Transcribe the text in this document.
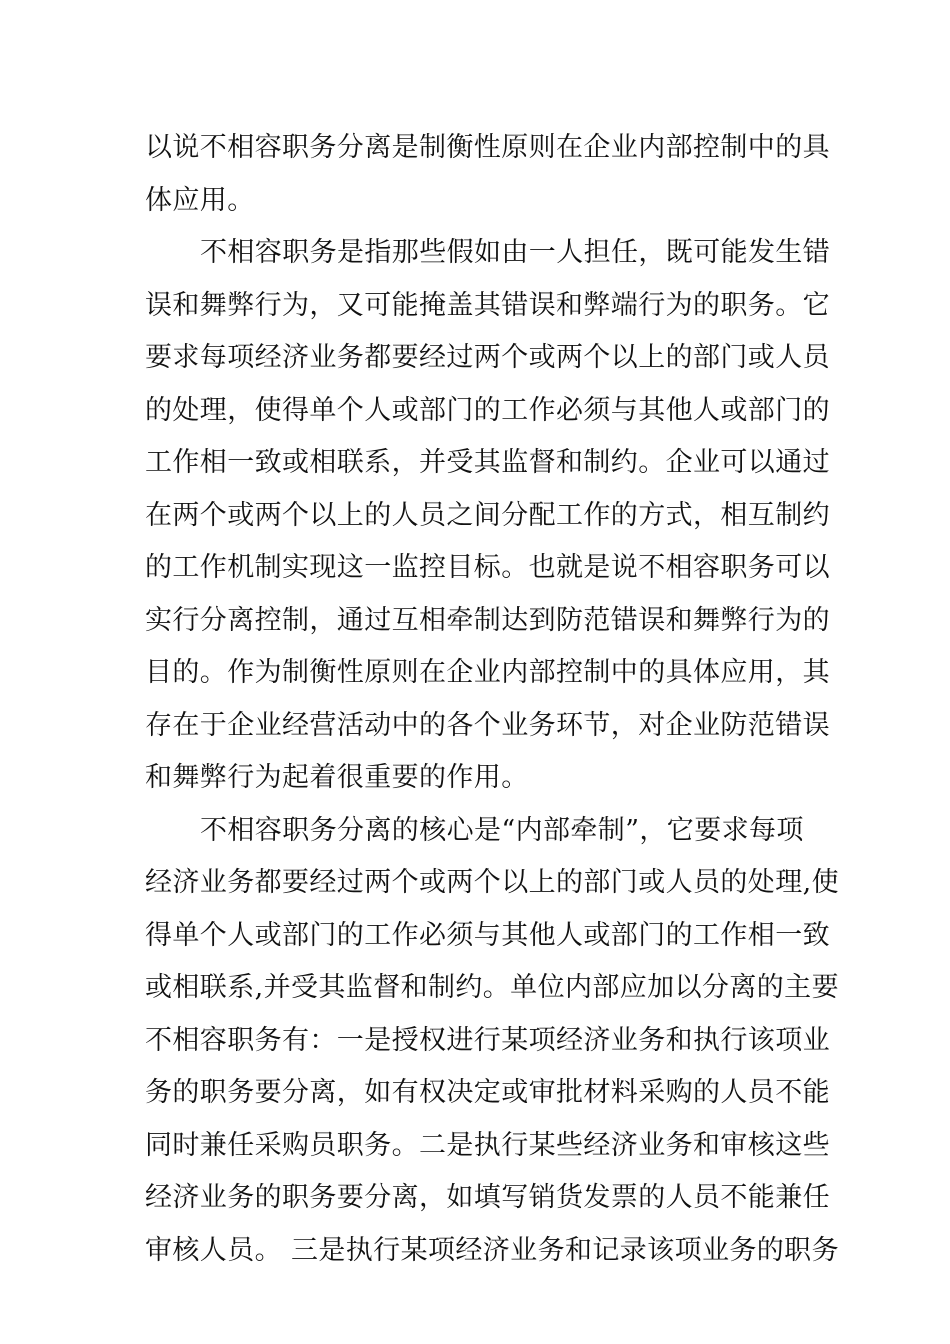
以说不相容职务分离是制衡性原则在企业内部控制中的具
体应用。
不相容职务是指那些假如由一人担任，既可能发生错
误和舞弊行为，又可能掩盖其错误和弊端行为的职务。它
要求每项经济业务都要经过两个或两个以上的部门或人员
的处理，使得单个人或部门的工作必须与其他人或部门的
工作相一致或相联系，并受其监督和制约。企业可以通过
在两个或两个以上的人员之间分配工作的方式，相互制约
的工作机制实现这一监控目标。也就是说不相容职务可以
实行分离控制，通过互相牵制达到防范错误和舞弊行为的
目的。作为制衡性原则在企业内部控制中的具体应用，其
存在于企业经营活动中的各个业务环节，对企业防范错误
和舞弊行为起着很重要的作用。
不相容职务分离的核心是“内部牵制”，它要求每项
经济业务都要经过两个或两个以上的部门或人员的处理,使
得单个人或部门的工作必须与其他人或部门的工作相一致
或相联系,并受其监督和制约。单位内部应加以分离的主要
不相容职务有：一是授权进行某项经济业务和执行该项业
务的职务要分离，如有权决定或审批材料采购的人员不能
同时兼任采购员职务。二是执行某些经济业务和审核这些
经济业务的职务要分离，如填写销货发票的人员不能兼任
审核人员。 三是执行某项经济业务和记录该项业务的职务
